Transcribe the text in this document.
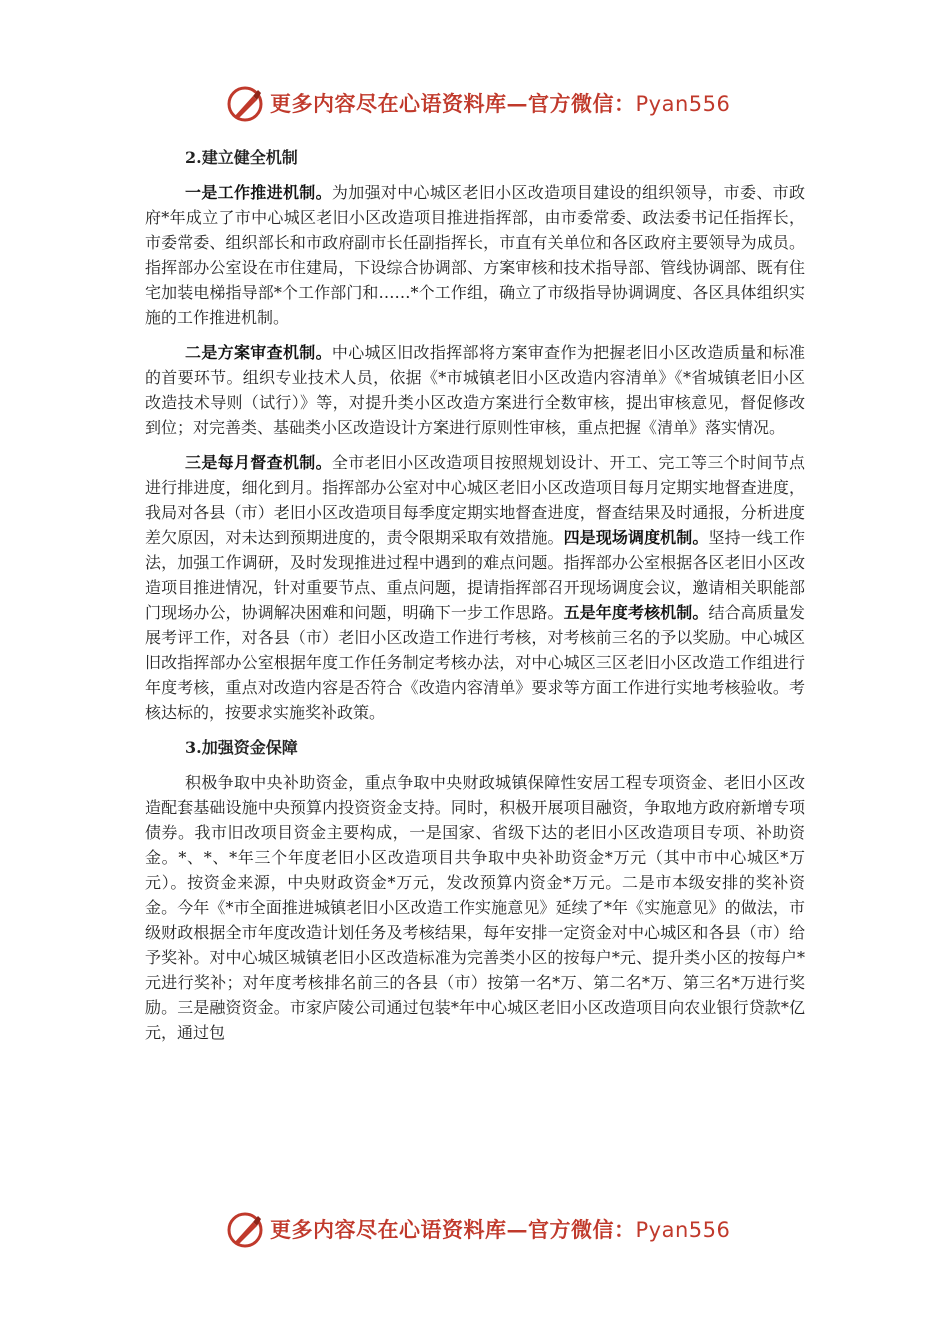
更多内容尽在心语资料库—官方微信：Pyan556

2.建立健全机制

一是工作推进机制。为加强对中心城区老旧小区改造项目建设的组织领导，市委、市政府*年成立了市中心城区老旧小区改造项目推进指挥部，由市委常委、政法委书记任指挥长，市委常委、组织部长和市政府副市长任副指挥长，市直有关单位和各区政府主要领导为成员。指挥部办公室设在市住建局，下设综合协调部、方案审核和技术指导部、管线协调部、既有住宅加装电梯指导部*个工作部门和……*个工作组，确立了市级指导协调调度、各区具体组织实施的工作推进机制。

二是方案审查机制。中心城区旧改指挥部将方案审查作为把握老旧小区改造质量和标准的首要环节。组织专业技术人员，依据《*市城镇老旧小区改造内容清单》《*省城镇老旧小区改造技术导则（试行）》等，对提升类小区改造方案进行全数审核，提出审核意见，督促修改到位；对完善类、基础类小区改造设计方案进行原则性审核，重点把握《清单》落实情况。

三是每月督查机制。全市老旧小区改造项目按照规划设计、开工、完工等三个时间节点进行排进度，细化到月。指挥部办公室对中心城区老旧小区改造项目每月定期实地督查进度，我局对各县（市）老旧小区改造项目每季度定期实地督查进度，督查结果及时通报，分析进度差欠原因，对未达到预期进度的，责令限期采取有效措施。四是现场调度机制。坚持一线工作法，加强工作调研，及时发现推进过程中遇到的难点问题。指挥部办公室根据各区老旧小区改造项目推进情况，针对重要节点、重点问题，提请指挥部召开现场调度会议，邀请相关职能部门现场办公，协调解决困难和问题，明确下一步工作思路。五是年度考核机制。结合高质量发展考评工作，对各县（市）老旧小区改造工作进行考核，对考核前三名的予以奖励。中心城区旧改指挥部办公室根据年度工作任务制定考核办法，对中心城区三区老旧小区改造工作组进行年度考核，重点对改造内容是否符合《改造内容清单》要求等方面工作进行实地考核验收。考核达标的，按要求实施奖补政策。

3.加强资金保障

积极争取中央补助资金，重点争取中央财政城镇保障性安居工程专项资金、老旧小区改造配套基础设施中央预算内投资资金支持。同时，积极开展项目融资，争取地方政府新增专项债券。我市旧改项目资金主要构成，一是国家、省级下达的老旧小区改造项目专项、补助资金。*、*、*年三个年度老旧小区改造项目共争取中央补助资金*万元（其中市中心城区*万元）。按资金来源，中央财政资金*万元，发改预算内资金*万元。二是市本级安排的奖补资金。今年《*市全面推进城镇老旧小区改造工作实施意见》延续了*年《实施意见》的做法，市级财政根据全市年度改造计划任务及考核结果，每年安排一定资金对中心城区和各县（市）给予奖补。对中心城区城镇老旧小区改造标准为完善类小区的按每户*元、提升类小区的按每户*元进行奖补；对年度考核排名前三的各县（市）按第一名*万、第二名*万、第三名*万进行奖励。三是融资资金。市家庐陵公司通过包装*年中心城区老旧小区改造项目向农业银行贷款*亿元，通过包

更多内容尽在心语资料库—官方微信：Pyan556
